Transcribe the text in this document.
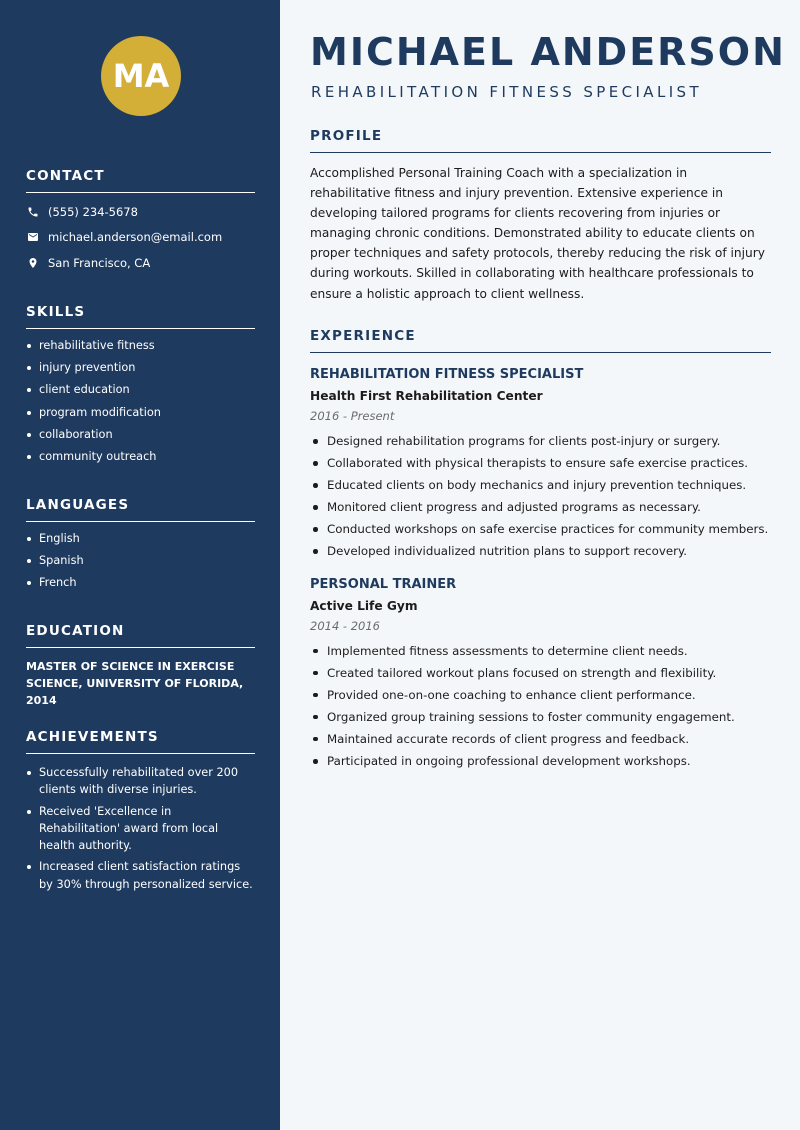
MA
CONTACT
(555) 234-5678
michael.anderson@email.com
San Francisco, CA
SKILLS
rehabilitative fitness
injury prevention
client education
program modification
collaboration
community outreach
LANGUAGES
English
Spanish
French
EDUCATION
MASTER OF SCIENCE IN EXERCISE SCIENCE, UNIVERSITY OF FLORIDA, 2014
ACHIEVEMENTS
Successfully rehabilitated over 200 clients with diverse injuries.
Received 'Excellence in Rehabilitation' award from local health authority.
Increased client satisfaction ratings by 30% through personalized service.
MICHAEL ANDERSON
REHABILITATION FITNESS SPECIALIST
PROFILE

Accomplished Personal Training Coach with a specialization in rehabilitative fitness and injury prevention. Extensive experience in developing tailored programs for clients recovering from injuries or managing chronic conditions. Demonstrated ability to educate clients on proper techniques and safety protocols, thereby reducing the risk of injury during workouts. Skilled in collaborating with healthcare professionals to ensure a holistic approach to client wellness.

EXPERIENCE
REHABILITATION FITNESS SPECIALIST
Health First Rehabilitation Center
2016 - Present
Designed rehabilitation programs for clients post-injury or surgery.
Collaborated with physical therapists to ensure safe exercise practices.
Educated clients on body mechanics and injury prevention techniques.
Monitored client progress and adjusted programs as necessary.
Conducted workshops on safe exercise practices for community members.
Developed individualized nutrition plans to support recovery.
PERSONAL TRAINER
Active Life Gym
2014 - 2016
Implemented fitness assessments to determine client needs.
Created tailored workout plans focused on strength and flexibility.
Provided one-on-one coaching to enhance client performance.
Organized group training sessions to foster community engagement.
Maintained accurate records of client progress and feedback.
Participated in ongoing professional development workshops.
